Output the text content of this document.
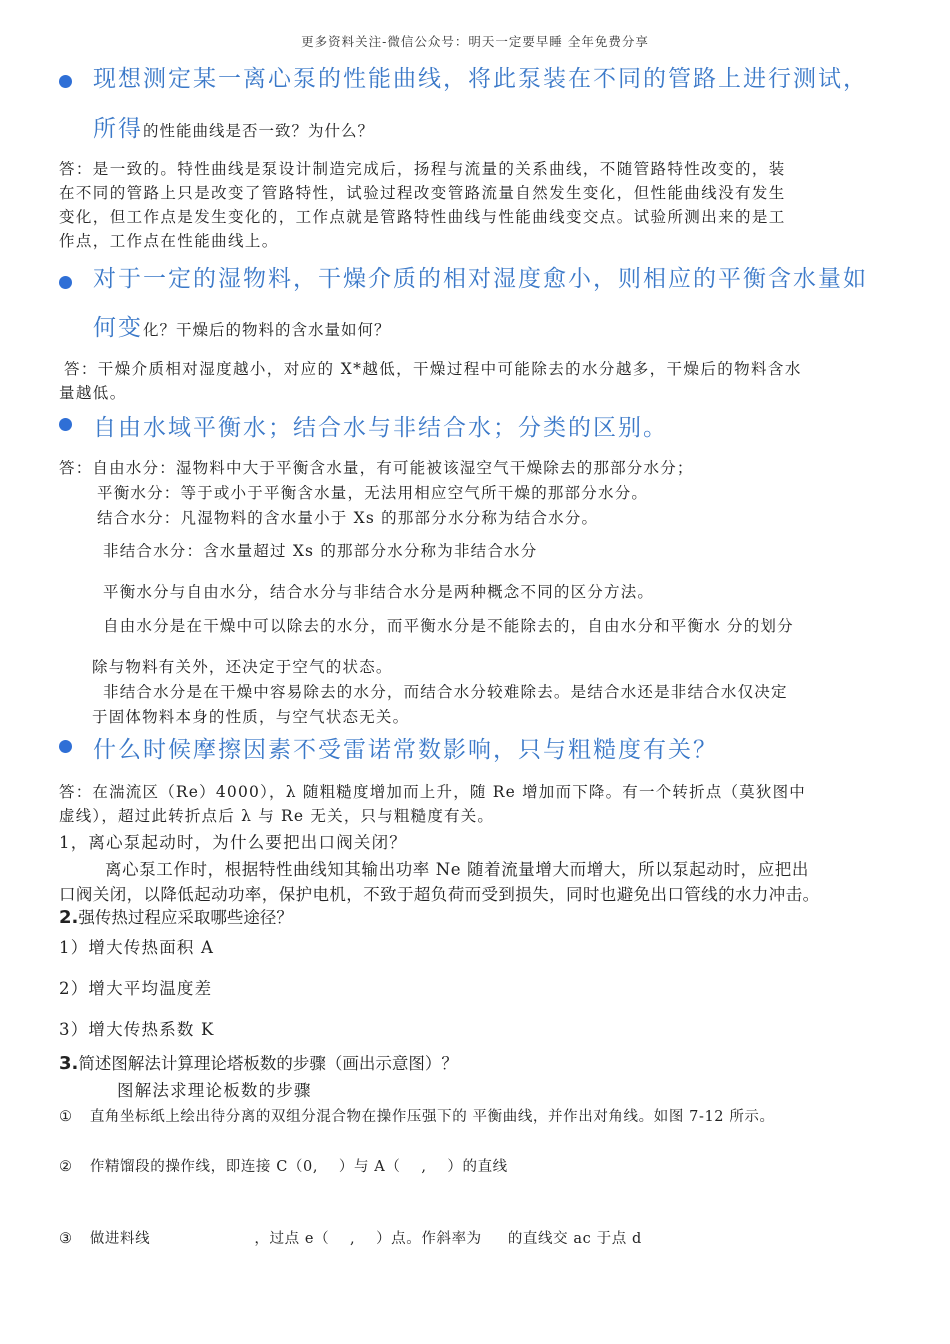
更多资料关注-微信公众号：明天一定要早睡 全年免费分享
现想测定某一离心泵的性能曲线，将此泵装在不同的管路上进行测试，
所得的性能曲线是否一致？为什么？
答：是一致的。特性曲线是泵设计制造完成后，扬程与流量的关系曲线，不随管路特性改变的，装
在不同的管路上只是改变了管路特性，试验过程改变管路流量自然发生变化，但性能曲线没有发生
变化，但工作点是发生变化的，工作点就是管路特性曲线与性能曲线变交点。试验所测出来的是工
作点，工作点在性能曲线上。
对于一定的湿物料，干燥介质的相对湿度愈小，则相应的平衡含水量如
何变化？干燥后的物料的含水量如何？
答：干燥介质相对湿度越小，对应的 X*越低，干燥过程中可能除去的水分越多，干燥后的物料含水
量越低。
自由水域平衡水；结合水与非结合水；分类的区别。
答：自由水分：湿物料中大于平衡含水量，有可能被该湿空气干燥除去的那部分水分；
平衡水分：等于或小于平衡含水量，无法用相应空气所干燥的那部分水分。
结合水分：凡湿物料的含水量小于 Xs 的那部分水分称为结合水分。
非结合水分：含水量超过 Xs 的那部分水分称为非结合水分
平衡水分与自由水分，结合水分与非结合水分是两种概念不同的区分方法。
自由水分是在干燥中可以除去的水分，而平衡水分是不能除去的，自由水分和平衡水 分的划分
除与物料有关外，还决定于空气的状态。
非结合水分是在干燥中容易除去的水分，而结合水分较难除去。是结合水还是非结合水仅决定
于固体物料本身的性质，与空气状态无关。
什么时候摩擦因素不受雷诺常数影响，只与粗糙度有关？
答：在湍流区（Re）4000），λ 随粗糙度增加而上升，随 Re 增加而下降。有一个转折点（莫狄图中
虚线），超过此转折点后 λ 与 Re 无关，只与粗糙度有关。
1，离心泵起动时，为什么要把出口阀关闭？
离心泵工作时，根据特性曲线知其输出功率 Ne 随着流量增大而增大，所以泵起动时，应把出
口阀关闭，以降低起动功率，保护电机，不致于超负荷而受到损失，同时也避免出口管线的水力冲击。
2.强传热过程应采取哪些途径？
1）增大传热面积 A
2）增大平均温度差
3）增大传热系数 K
3.简述图解法计算理论塔板数的步骤（画出示意图）？
图解法求理论板数的步骤
① 直角坐标纸上绘出待分离的双组分混合物在操作压强下的 平衡曲线，并作出对角线。如图 7-12 所示。
② 作精馏段的操作线，即连接 C（0,    ）与 A（    ,    ）的直线
③ 做进料线                    ，过点 e（    ,    ）点。作斜率为     的直线交 ac 于点 d
